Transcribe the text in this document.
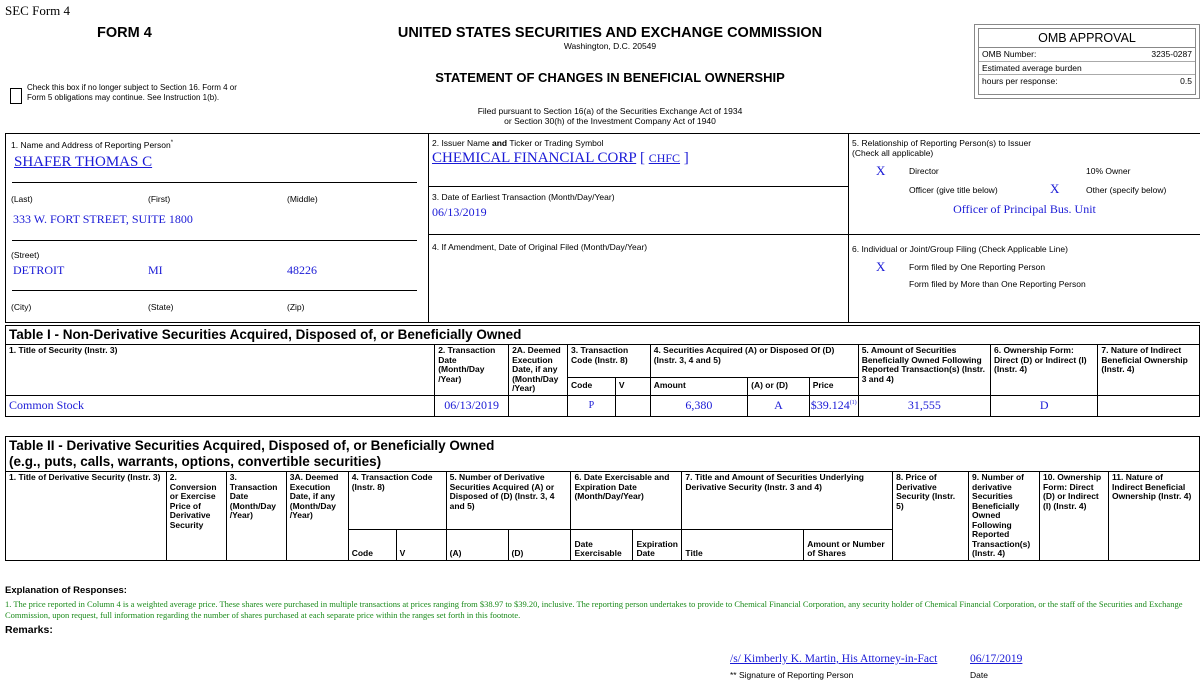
SEC Form 4
FORM 4
Check this box if no longer subject to Section 16. Form 4 or Form 5 obligations may continue. See Instruction 1(b).
UNITED STATES SECURITIES AND EXCHANGE COMMISSION
Washington, D.C. 20549
STATEMENT OF CHANGES IN BENEFICIAL OWNERSHIP
Filed pursuant to Section 16(a) of the Securities Exchange Act of 1934
or Section 30(h) of the Investment Company Act of 1940
OMB APPROVAL
OMB Number:	3235-0287
Estimated average burden
hours per response:	0.5
1. Name and Address of Reporting Person*
SHAFER THOMAS C
(Last)	(First)	(Middle)
333 W. FORT STREET, SUITE 1800
(Street)
DETROIT	MI	48226
(City)	(State)	(Zip)
2. Issuer Name and Ticker or Trading Symbol
CHEMICAL FINANCIAL CORP [ CHFC ]
3. Date of Earliest Transaction (Month/Day/Year)
06/13/2019
4. If Amendment, Date of Original Filed (Month/Day/Year)
5. Relationship of Reporting Person(s) to Issuer
(Check all applicable)
X	Director	10% Owner
Officer (give title below)	X	Other (specify below)
Officer of Principal Bus. Unit
6. Individual or Joint/Group Filing (Check Applicable Line)
X	Form filed by One Reporting Person
Form filed by More than One Reporting Person
Table I - Non-Derivative Securities Acquired, Disposed of, or Beneficially Owned										
1. Title of Security (Instr. 3)	2. Transaction Date (Month/Day /Year)	2A. Deemed Execution Date, if any (Month/Day /Year)	3. Transaction Code (Instr. 8)		4. Securities Acquired (A) or Disposed Of (D) (Instr. 3, 4 and 5)			5. Amount of Securities Beneficially Owned Following Reported Transaction(s) (Instr. 3 and 4)	6. Ownership Form: Direct (D) or Indirect (I) (Instr. 4)	7. Nature of Indirect Beneficial Ownership (Instr. 4)
			Code	V	Amount	(A) or (D)	Price			
Common Stock	06/13/2019		P		6,380	A	$39.124$^{(1)}$	31,555	D	
Table II - Derivative Securities Acquired, Disposed of, or Beneficially Owned
(e.g., puts, calls, warrants, options, convertible securities)															

1. Title of Derivative Security (Instr. 3)	2. Conversion or Exercise Price of Derivative Security	3. Transaction Date (Month/Day /Year)	3A. Deemed Execution Date, if any (Month/Day /Year)	4. Transaction Code (Instr. 8)		5. Number of Derivative Securities Acquired (A) or Disposed of (D) (Instr. 3, 4 and 5)		6. Date Exercisable and Expiration Date (Month/Day/Year)		7. Title and Amount of Securities Underlying Derivative Security (Instr. 3 and 4)		8. Price of Derivative Security (Instr. 5)	9. Number of derivative Securities Beneficially Owned Following Reported Transaction(s) (Instr. 4)	10. Ownership Form: Direct (D) or Indirect (I) (Instr. 4)	11. Nature of Indirect Beneficial Ownership (Instr. 4)
				Code	V	(A)	(D)	Date Exercisable	Expiration Date	Title	Amount or Number of Shares				
Explanation of Responses:
1. The price reported in Column 4 is a weighted average price. These shares were purchased in multiple transactions at prices ranging from $38.97 to $39.20, inclusive. The reporting person undertakes to provide to Chemical Financial Corporation, any security holder of Chemical Financial Corporation, or the staff of the Securities and Exchange Commission, upon request, full information regarding the number of shares purchased at each separate price within the ranges set forth in this footnote.
Remarks:
/s/ Kimberly K. Martin, His Attorney-in-Fact	06/17/2019
** Signature of Reporting Person	Date
